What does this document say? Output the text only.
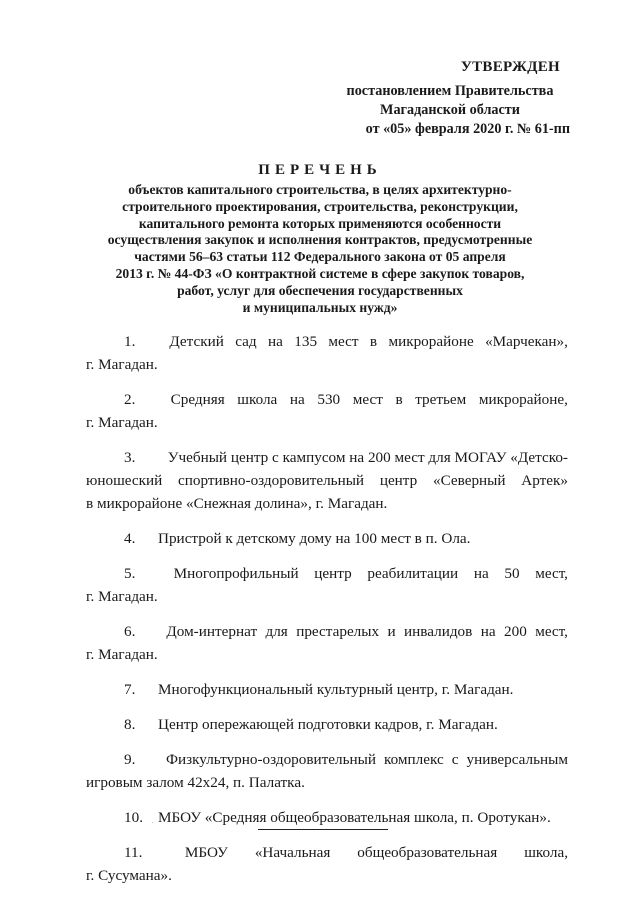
УТВЕРЖДЕН
постановлением Правительства
Магаданской области
от «05» февраля 2020 г. № 61-пп
ПЕРЕЧЕНЬ
объектов капитального строительства, в целях архитектурно-
строительного проектирования, строительства, реконструкции,
капитального ремонта которых применяются особенности
осуществления закупок и исполнения контрактов, предусмотренные
частями 56–63 статьи 112 Федерального закона от 05 апреля
2013 г. № 44-ФЗ «О контрактной системе в сфере закупок товаров,
работ, услуг для обеспечения государственных
и муниципальных нужд»
1.	Детский сад на 135 мест в микрорайоне «Марчекан»,
г. Магадан.
2.	Средняя школа на 530 мест в третьем микрорайоне,
г. Магадан.
3.	Учебный центр с кампусом на 200 мест для МОГАУ «Детско-
юношеский спортивно-оздоровительный центр «Северный Артек»
в микрорайоне «Снежная долина», г. Магадан.
4.	Пристрой к детскому дому на 100 мест в п. Ола.
5.	Многопрофильный центр реабилитации на 50 мест,
г. Магадан.
6.	Дом-интернат для престарелых и инвалидов на 200 мест,
г. Магадан.
7.	Многофункциональный культурный центр, г. Магадан.
8.	Центр опережающей подготовки кадров, г. Магадан.
9.	Физкультурно-оздоровительный комплекс с универсальным
игровым залом 42х24, п. Палатка.
10. МБОУ «Средняя общеобразовательная школа, п. Оротукан».
11.	МБОУ «Начальная общеобразовательная школа,
г. Сусумана».
